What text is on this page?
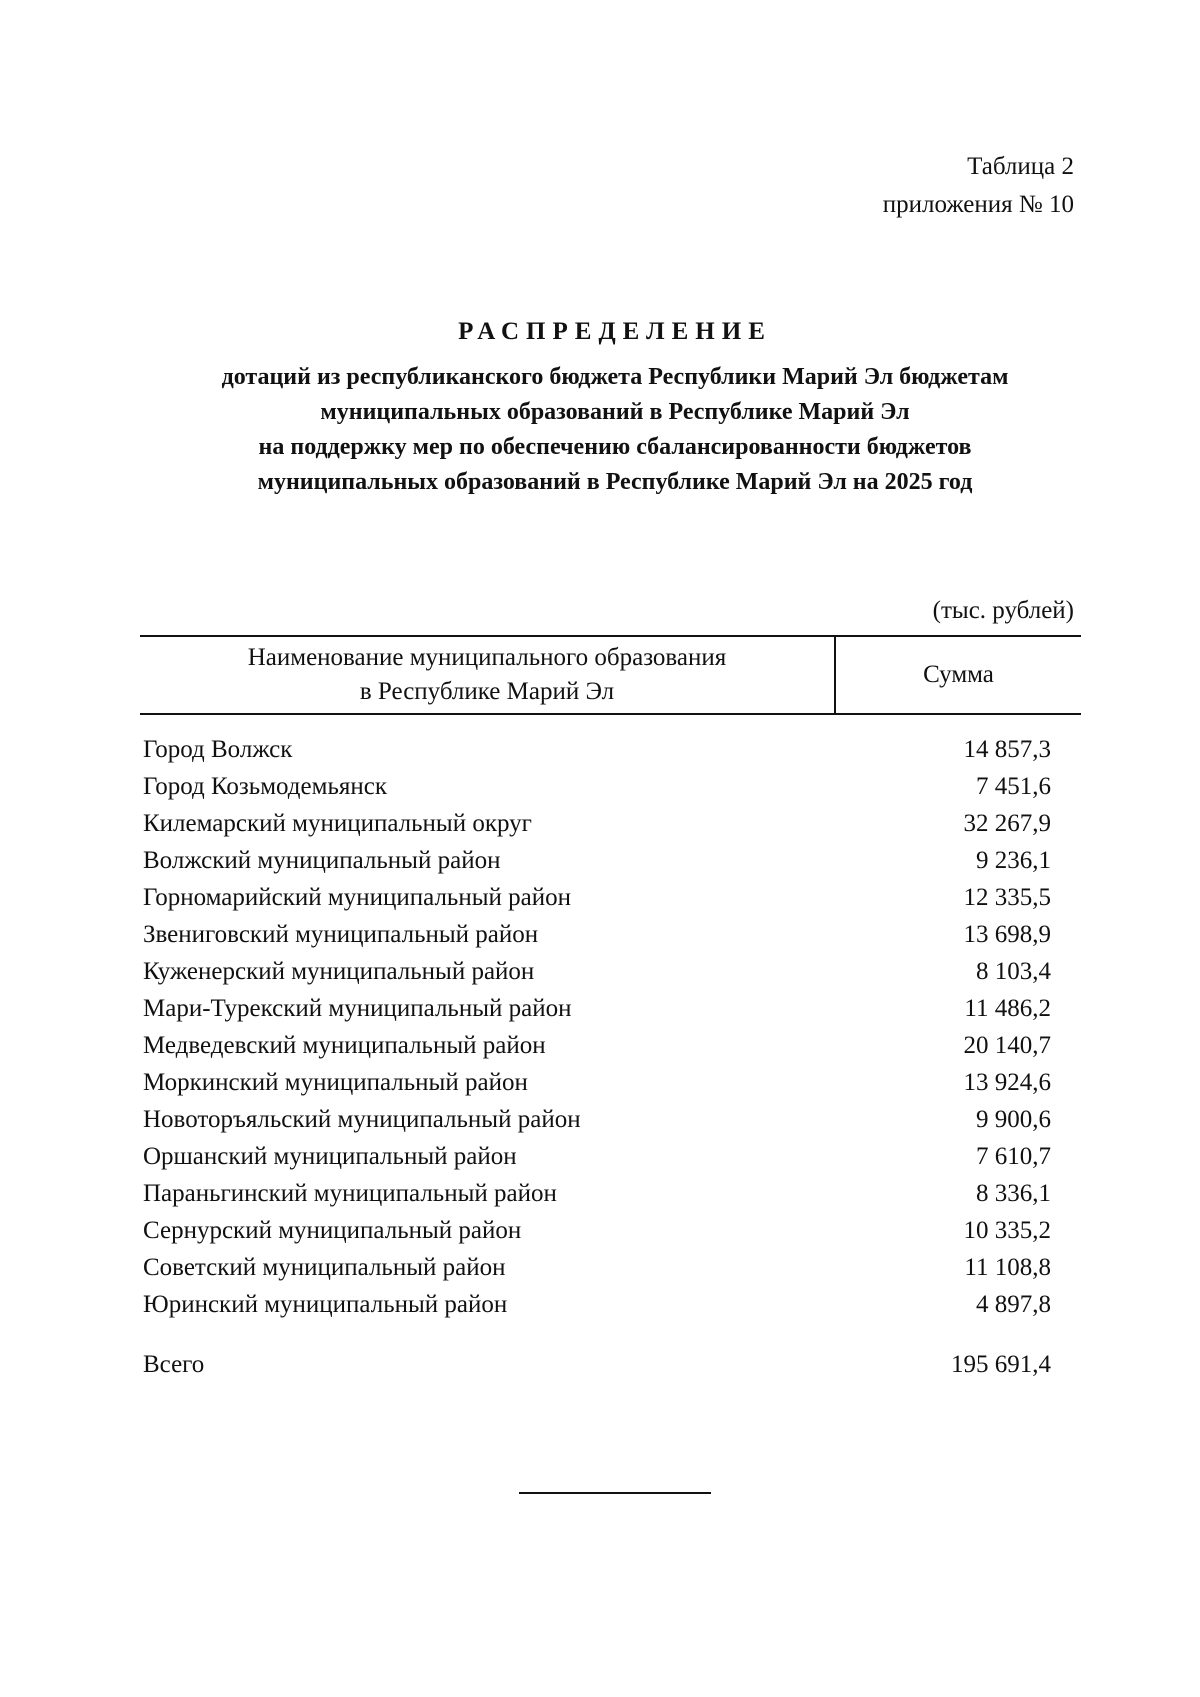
Таблица 2
приложения № 10
РАСПРЕДЕЛЕНИЕ
дотаций из республиканского бюджета Республики Марий Эл бюджетам
муниципальных образований в Республике Марий Эл
на поддержку мер по обеспечению сбалансированности бюджетов
муниципальных образований в Республике Марий Эл на 2025 год
(тыс. рублей)
Наименование муниципального образования
в Республике Марий Эл
Сумма
Город Волжск	14 857,3
Город Козьмодемьянск	7 451,6
Килемарский муниципальный округ	32 267,9
Волжский муниципальный район	9 236,1
Горномарийский муниципальный район	12 335,5
Звениговский муниципальный район	13 698,9
Куженерский муниципальный район	8 103,4
Мари-Турекский муниципальный район	11 486,2
Медведевский муниципальный район	20 140,7
Моркинский муниципальный район	13 924,6
Новоторъяльский муниципальный район	9 900,6
Оршанский муниципальный район	7 610,7
Параньгинский муниципальный район	8 336,1
Сернурский муниципальный район	10 335,2
Советский муниципальный район	11 108,8
Юринский муниципальный район	4 897,8
Всего	195 691,4
